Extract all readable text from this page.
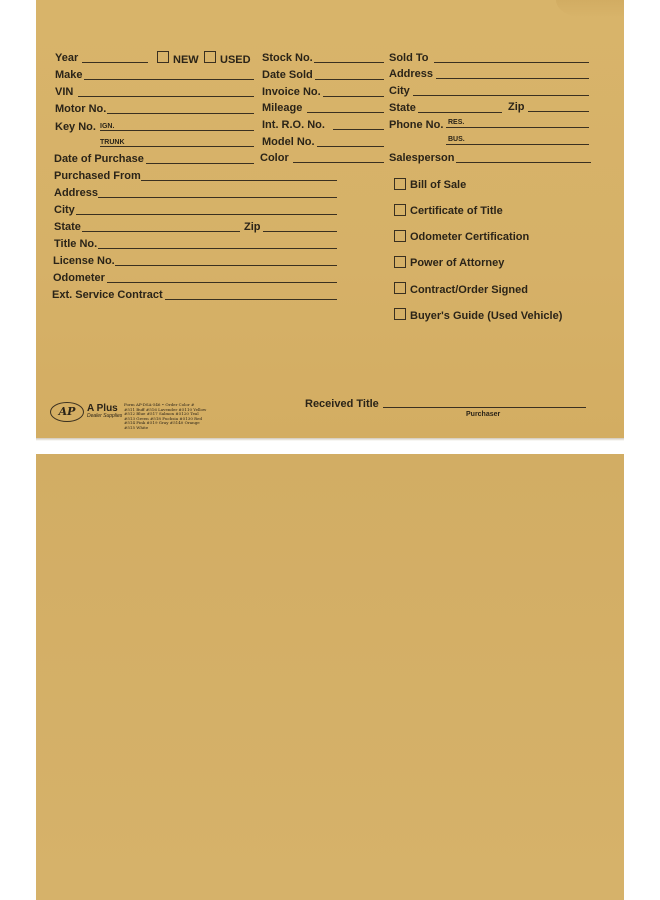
Year	NEW USED
Make
VIN
Motor No.
Key No. IGN.
TRUNK
Date of Purchase
Purchased From
Address
City
State	Zip
Title No.
License No.
Odometer
Ext. Service Contract
Stock No.
Date Sold
Invoice No.
Mileage
Int. R.O. No.
Model No.
Color
Sold To
Address
City
State	Zip
Phone No. RES.
BUS.
Salesperson
Bill of Sale
Certificate of Title
Odometer Certification
Power of Attorney
Contract/Order Signed
Buyer's Guide (Used Vehicle)
Received Title
Purchaser
AP	A Plus
Dealer Supplies
Form AP-DSA-546 • Order Color #
#511 Buff #516 Lavender #5110 Yellow
#512 Blue #517 Salmon #5120 Teal
#513 Green #518 Fuchsia #5130 Red
#514 Pink #519 Gray #5140 Orange
#515 White
